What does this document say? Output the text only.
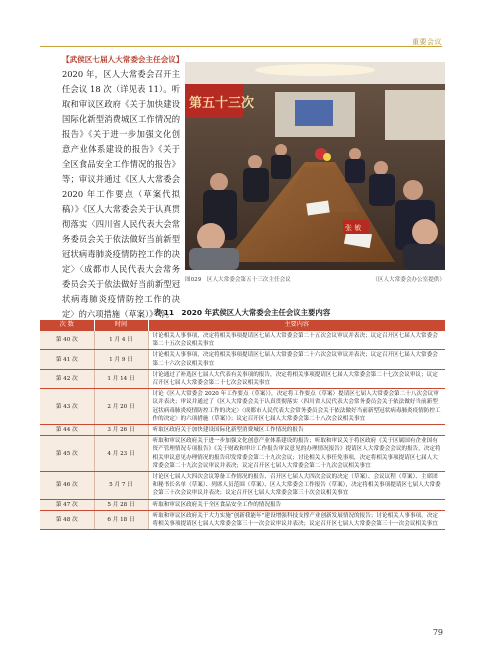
重要会议
【武侯区七届人大常委会主任会议】
2020 年，区人大常委会召开主任会议 18 次（详见表 11）。听取和审议区政府《关于加快建设国际化新型消费城区工作情况的报告》《关于进一步加强文化创意产业体系建设的报告》《关于全区食品安全工作情况的报告》等；审议并通过《区人大常委会 2020 年工作要点（草案代拟稿）》《区人大常委会关于认真贯彻落实〈四川省人民代表大会常务委员会关于依法做好当前新型冠状病毒肺炎疫情防控工作的决定〉〈成都市人民代表大会常务委员会关于依法做好当前新型冠状病毒肺炎疫情防控工作的决定〉的六项措施（草案）》等。
第五十三次
张 敏
图029　区人大常委会第五十三次主任会议	（区人大常委会办公室提供）
表 11　2020 年武侯区人大常委会主任会议主要内容
次 数	时间	主要内容
第 40 次	1 月 4 日	讨论相关人事事项，决定将相关事项提请区七届人大常委会第二十五次会议审议并表决；议定召开区七届人大常委会第二十五次会议相关事宜
第 41 次	1 月 9 日	讨论相关人事事项，决定将相关事项提请区七届人大常委会第二十六次会议审议并表决；议定召开区七届人大常委会第二十六次会议相关事宜
第 42 次	1 月 14 日	讨论通过了补选区七届人大代表有关事项的报告，决定将相关事项提请区七届人大常委会第二十七次会议审议；议定召开区七届人大常委会第二十七次会议相关事宜
第 43 次	2 月 20 日	讨论《区人大常委会 2020 年工作要点（草案）》，决定将工作要点（草案）提请区七届人大常委会第二十八次会议审议并表决；审议并通过了《区人大常委会关于认真贯彻落实〈四川省人民代表大会常务委员会关于依法做好当前新型冠状病毒肺炎疫情防控工作的决定〉〈成都市人民代表大会常务委员会关于依法做好当前新型冠状病毒肺炎疫情防控工作的决定〉的六项措施（草案）》；议定召开区七届人大常委会第二十八次会议相关事宜
第 44 次	3 月 26 日	听取区政府关于加快建设国际化新型消费城区工作情况的报告
第 45 次	4 月 23 日	听取和审议区政府关于进一步加强文化创意产业体系建设的报告；听取和审议关于将区政府《关于区属国有企业国有资产管理情况专项报告》《关于财政和审计工作报告审议意见的办理情况报告》提请区人大常委会会议的报告，决定将相关审议意见办理情况的报告印发常委会第二十九次会议；讨论相关人事任免事项，决定将相关事项提请区七届人大常委会第二十九次会议审议并表决；议定召开区七届人大常委会第二十九次会议相关事宜
第 46 次	5 月 7 日	讨论区七届人大四次会议筹备工作情况的报告，召开区七届人大四次会议的决定（草案）、会议议程（草案）、主席团和秘书长名单（草案）、列席人员范围（草案）、区人大常委会工作报告（草案），决定将相关事项提请区七届人大常委会第三十次会议审议并表决；议定召开区七届人大常委会第三十次会议相关事宜
第 47 次	5 月 28 日	听取和审议区政府关于全区食品安全工作的情况报告
第 48 次	6 月 18 日	听取和审议区政府关于大力实施“创新我能年”建设增强科技支撑产业创新发展情况的报告；讨论相关人事事项，决定将相关事项提请区七届人大常委会第三十一次会议审议并表决；议定召开区七届人大常委会第三十一次会议相关事宜
79
